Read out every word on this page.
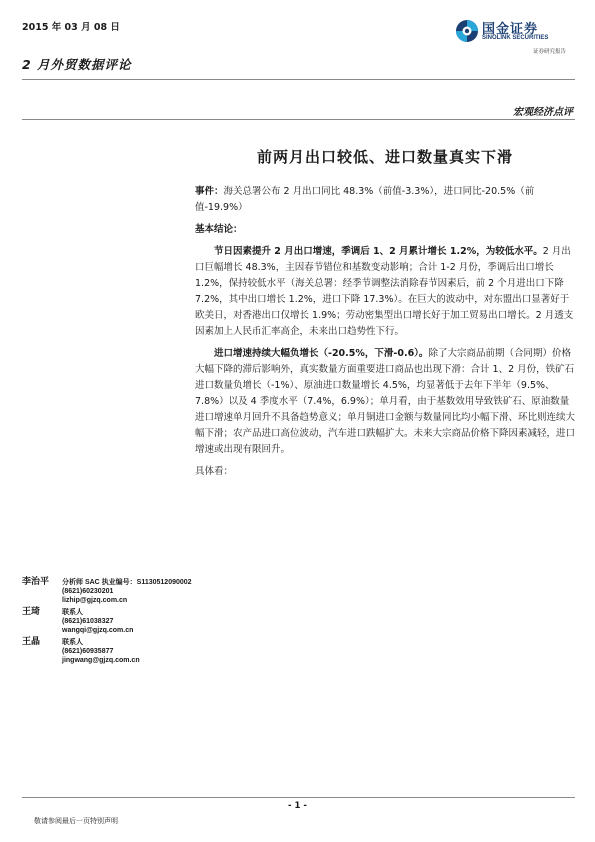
2015 年 03 月 08 日
2 月外贸数据评论
国金证券
SINOLINK SECURITIES
证券研究报告
宏观经济点评
前两月出口较低、进口数量真实下滑

事件：海关总署公布 2 月出口同比 48.3%（前值-3.3%），进口同比-20.5%（前值-19.9%）

基本结论：

节日因素提升 2 月出口增速，季调后 1、2 月累计增长 1.2%，为较低水平。2 月出口巨幅增长 48.3%，主因春节错位和基数变动影响；合计 1-2 月份，季调后出口增长 1.2%，保持较低水平（海关总署：经季节调整法消除春节因素后，前 2 个月进出口下降 7.2%，其中出口增长 1.2%，进口下降 17.3%）。在巨大的波动中，对东盟出口显著好于欧美日，对香港出口仅增长 1.9%；劳动密集型出口增长好于加工贸易出口增长。2 月透支因素加上人民币汇率高企，未来出口趋势性下行。

进口增速持续大幅负增长（-20.5%，下滑-0.6）。除了大宗商品前期（合同期）价格大幅下降的滞后影响外，真实数量方面重要进口商品也出现下滑：合计 1、2 月份，铁矿石进口数量负增长（-1%）、原油进口数量增长 4.5%，均显著低于去年下半年（9.5%、7.8%）以及 4 季度水平（7.4%，6.9%）；单月看，由于基数效用导致铁矿石、原油数量进口增速单月回升不具备趋势意义；单月铜进口金额与数量同比均小幅下滑、环比则连续大幅下滑；农产品进口高位波动，汽车进口跌幅扩大。未来大宗商品价格下降因素减轻，进口增速或出现有限回升。

具体看：

李治平	分析师 SAC 执业编号：S1130512090002
(8621)60230201
lizhip@gjzq.com.cn
王琦	联系人
(8621)61038327
wangqi@gjzq.com.cn
王晶	联系人
(8621)60935877
jingwang@gjzq.com.cn
- 1 -
敬请参阅最后一页特别声明
